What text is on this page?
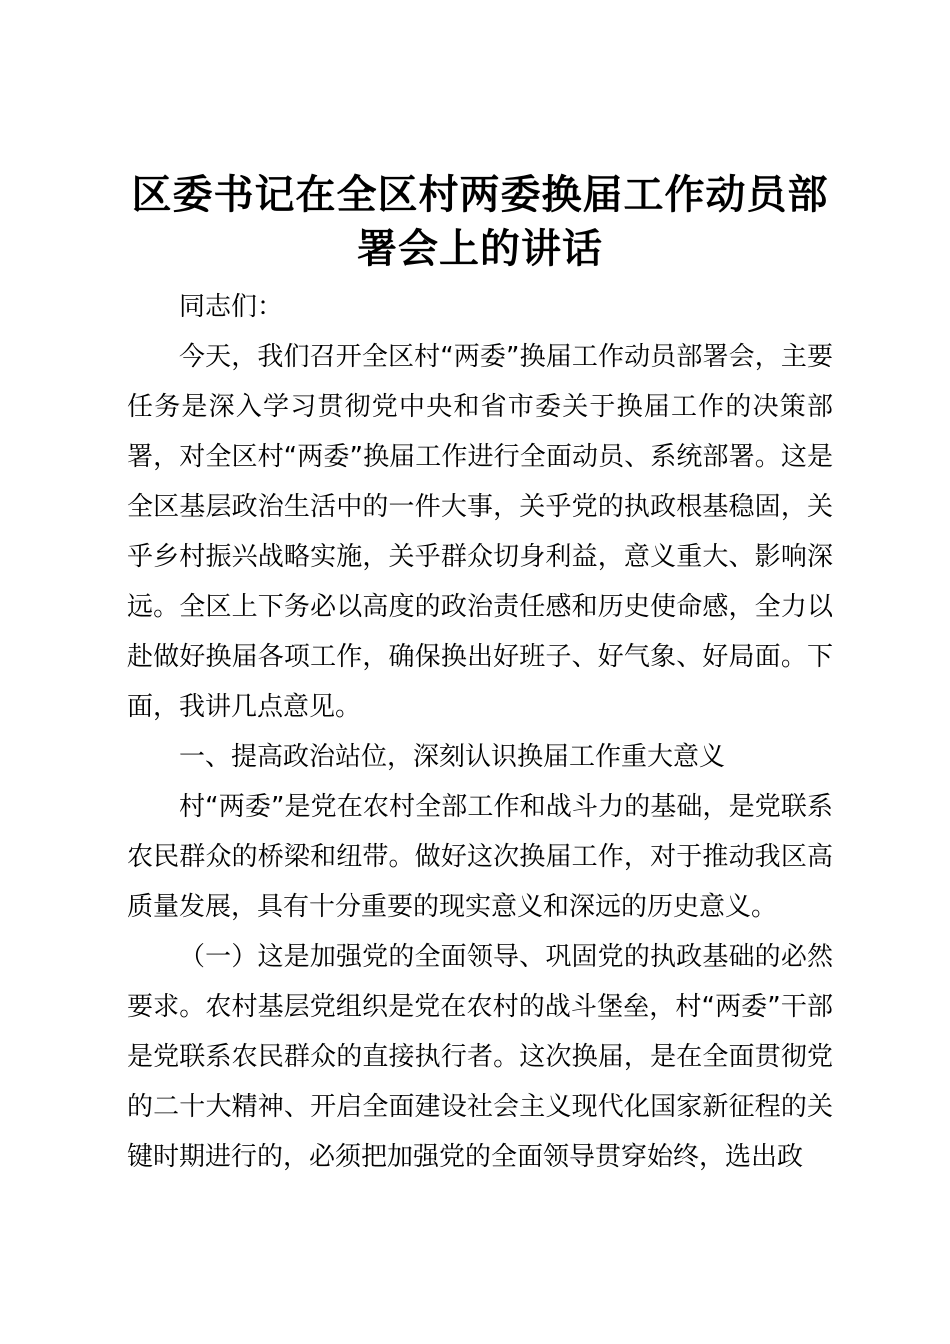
区委书记在全区村两委换届工作动员部署会上的讲话

同志们：

今天，我们召开全区村“两委”换届工作动员部署会，主要任务是深入学习贯彻党中央和省市委关于换届工作的决策部署，对全区村“两委”换届工作进行全面动员、系统部署。这是全区基层政治生活中的一件大事，关乎党的执政根基稳固，关乎乡村振兴战略实施，关乎群众切身利益，意义重大、影响深远。全区上下务必以高度的政治责任感和历史使命感，全力以赴做好换届各项工作，确保换出好班子、好气象、好局面。下面，我讲几点意见。

一、提高政治站位，深刻认识换届工作重大意义

村“两委”是党在农村全部工作和战斗力的基础，是党联系农民群众的桥梁和纽带。做好这次换届工作，对于推动我区高质量发展，具有十分重要的现实意义和深远的历史意义。

（一）这是加强党的全面领导、巩固党的执政基础的必然要求。农村基层党组织是党在农村的战斗堡垒，村“两委”干部是党联系农民群众的直接执行者。这次换届，是在全面贯彻党的二十大精神、开启全面建设社会主义现代化国家新征程的关键时期进行的，必须把加强党的全面领导贯穿始终，选出政
